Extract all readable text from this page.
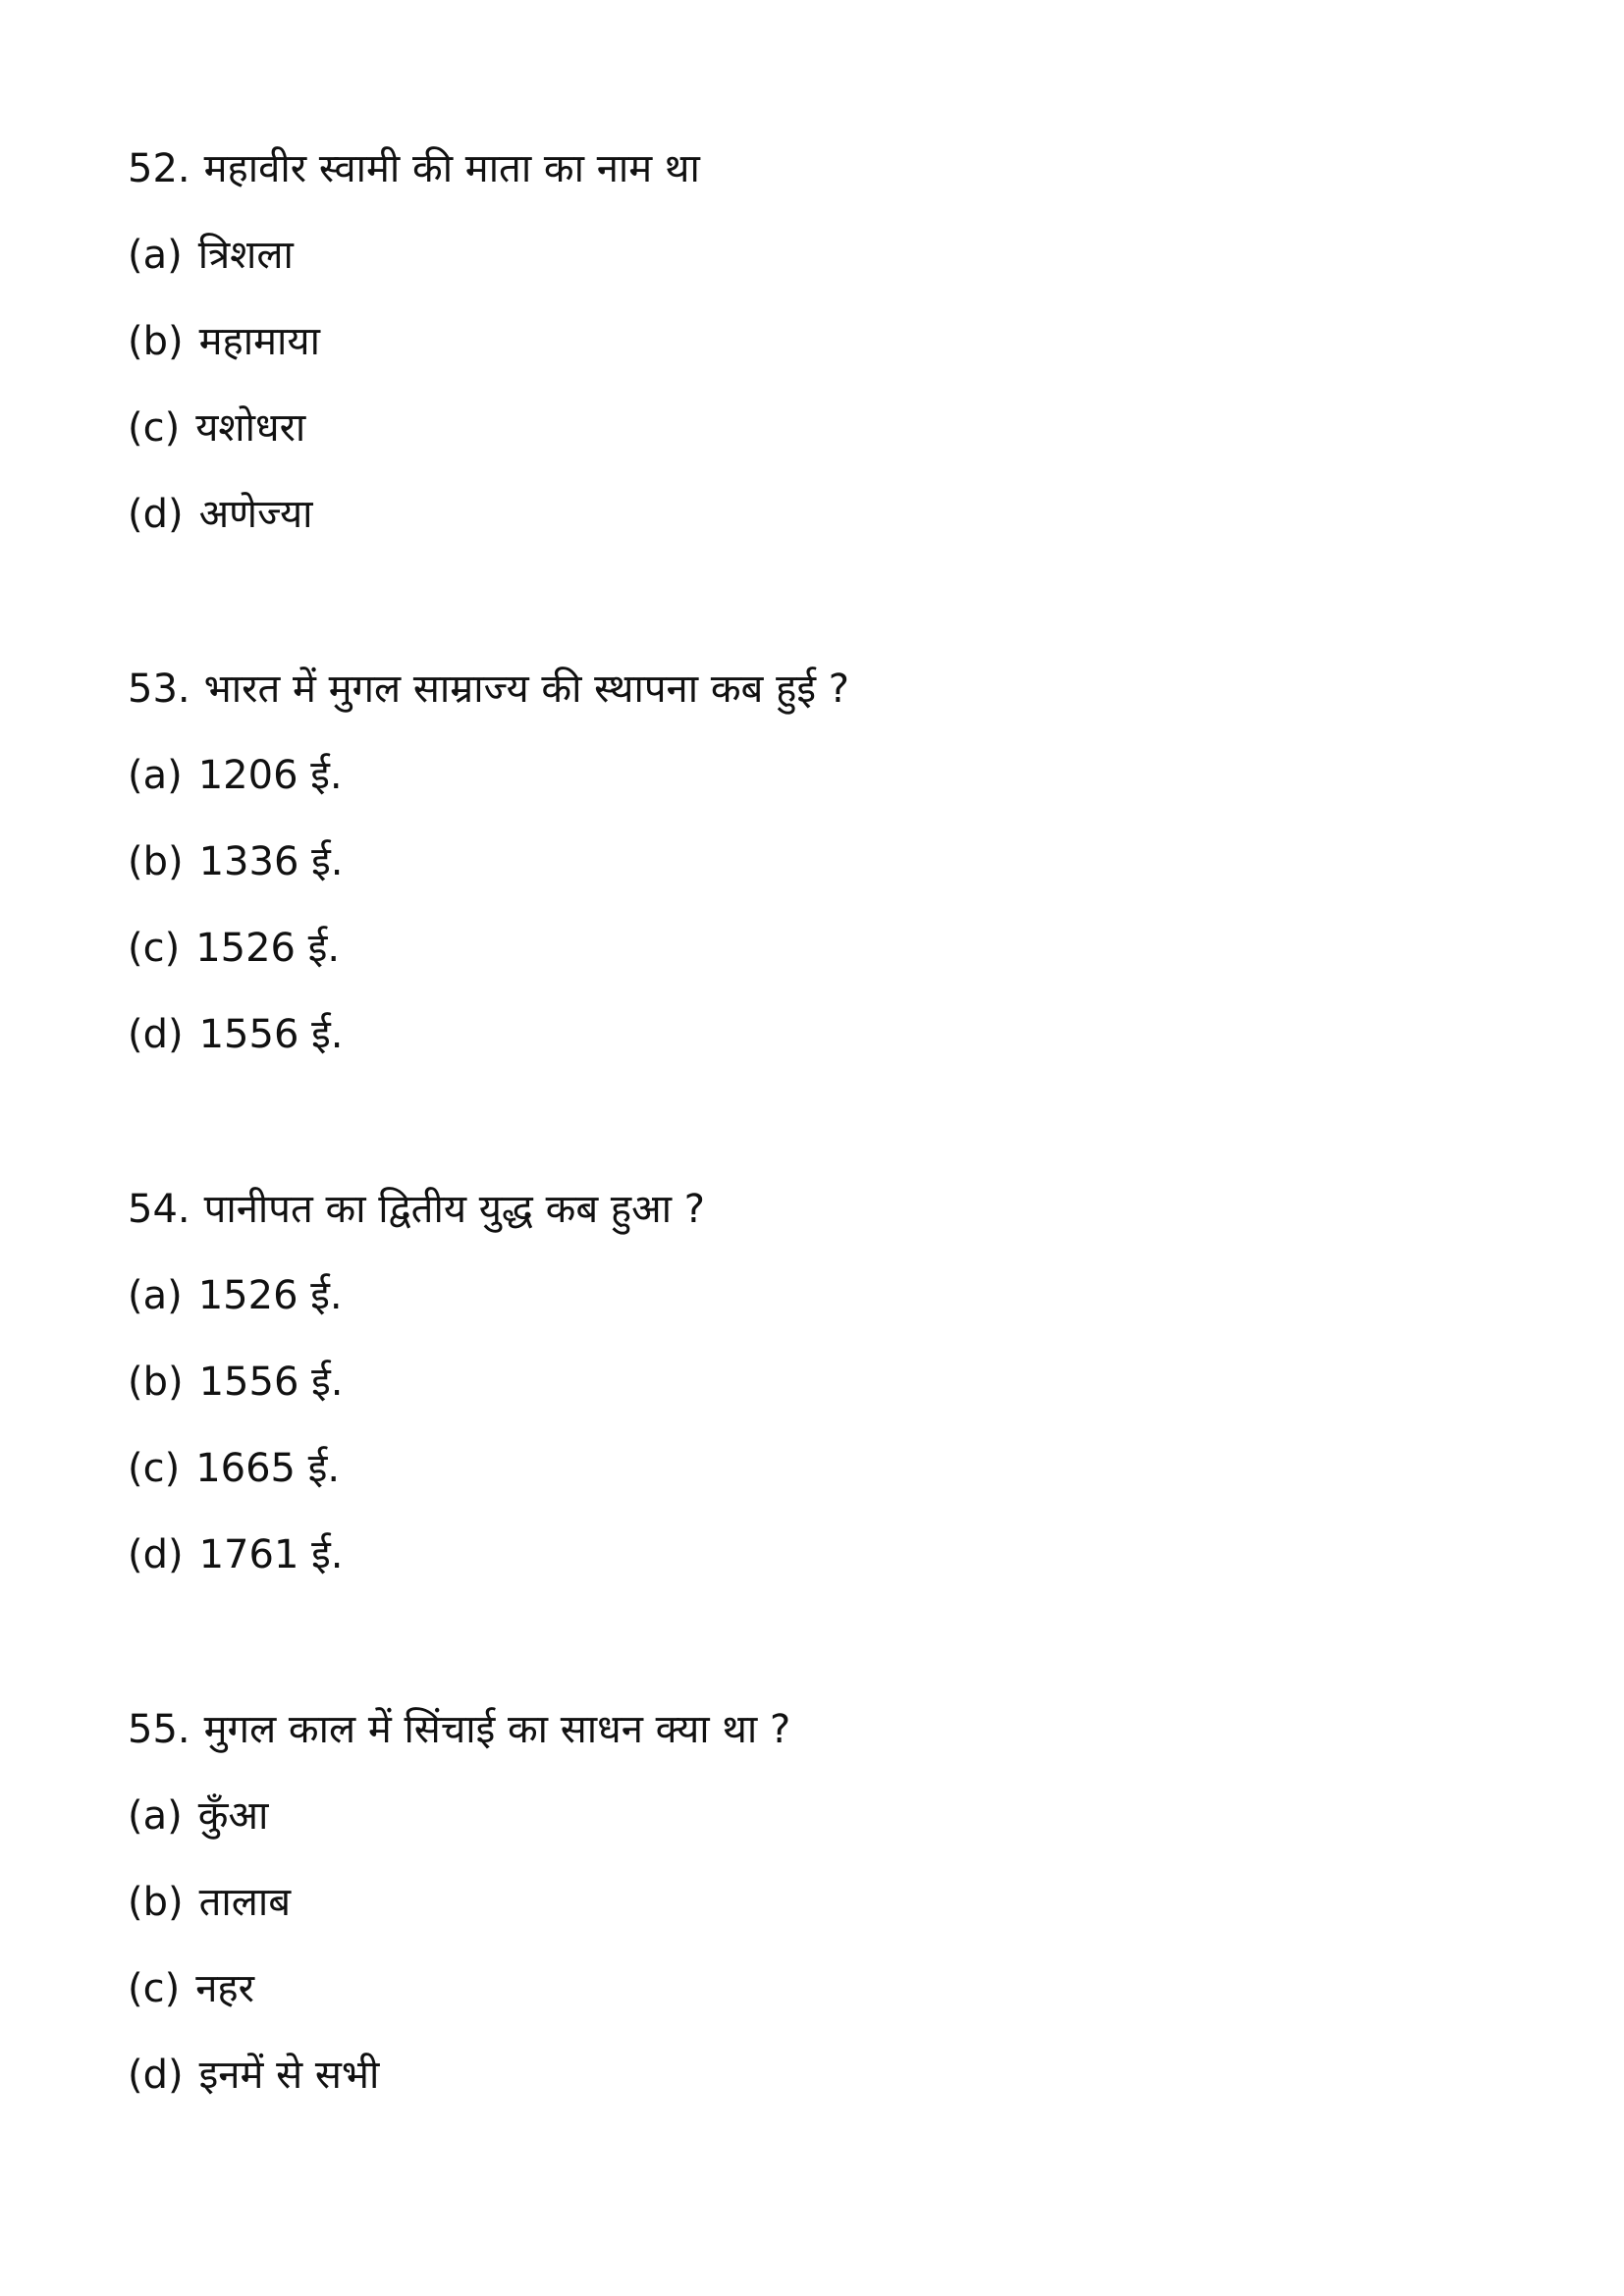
52. महावीर स्वामी की माता का नाम था
(a) त्रिशला
(b) महामाया
(c) यशोधरा
(d) अणेज्या
53. भारत में मुगल साम्राज्य की स्थापना कब हुई ?
(a) 1206 ई.
(b) 1336 ई.
(c) 1526 ई.
(d) 1556 ई.
54. पानीपत का द्वितीय युद्ध कब हुआ ?
(a) 1526 ई.
(b) 1556 ई.
(c) 1665 ई.
(d) 1761 ई.
55. मुगल काल में सिंचाई का साधन क्या था ?
(a) कुँआ
(b) तालाब
(c) नहर
(d) इनमें से सभी
